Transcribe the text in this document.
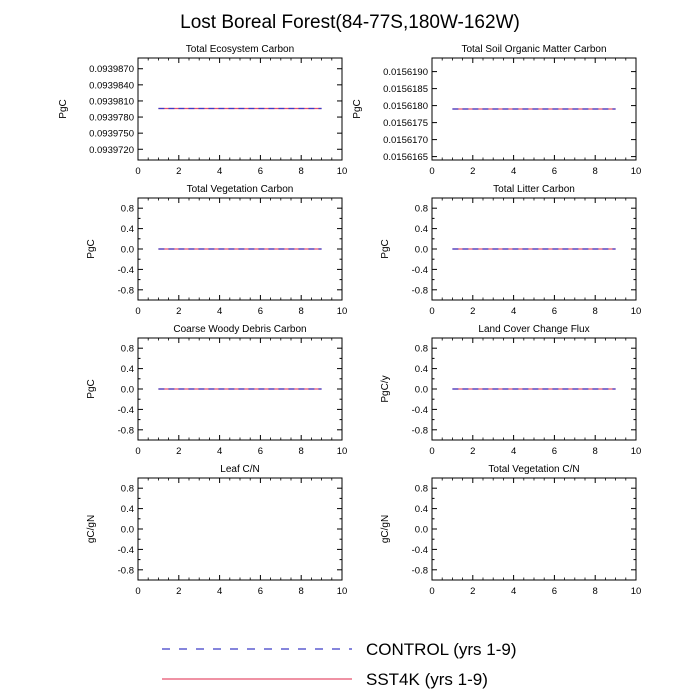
Lost Boreal Forest(84-77S,180W-162W)
Total Ecosystem Carbon
0	2	4	6	8	10
0.0939720
0.0939750
0.0939780
0.0939810
0.0939840
0.0939870
PgC
Total Soil Organic Matter Carbon
0	2	4	6	8	10
0.0156165
0.0156170
0.0156175
0.0156180
0.0156185
0.0156190
PgC
Total Vegetation Carbon
0	2	4	6	8	10
-0.8
-0.4
0.0
0.4
0.8
PgC
Total Litter Carbon
0	2	4	6	8	10
-0.8
-0.4
0.0
0.4
0.8
PgC
Coarse Woody Debris Carbon
0	2	4	6	8	10
-0.8
-0.4
0.0
0.4
0.8
PgC
Land Cover Change Flux
0	2	4	6	8	10
-0.8
-0.4
0.0
0.4
0.8
PgC/y
Leaf C/N
0	2	4	6	8	10
-0.8
-0.4
0.0
0.4
0.8
gC/gN
Total Vegetation C/N
0	2	4	6	8	10
-0.8
-0.4
0.0
0.4
0.8
gC/gN
CONTROL (yrs 1-9)
SST4K (yrs 1-9)
